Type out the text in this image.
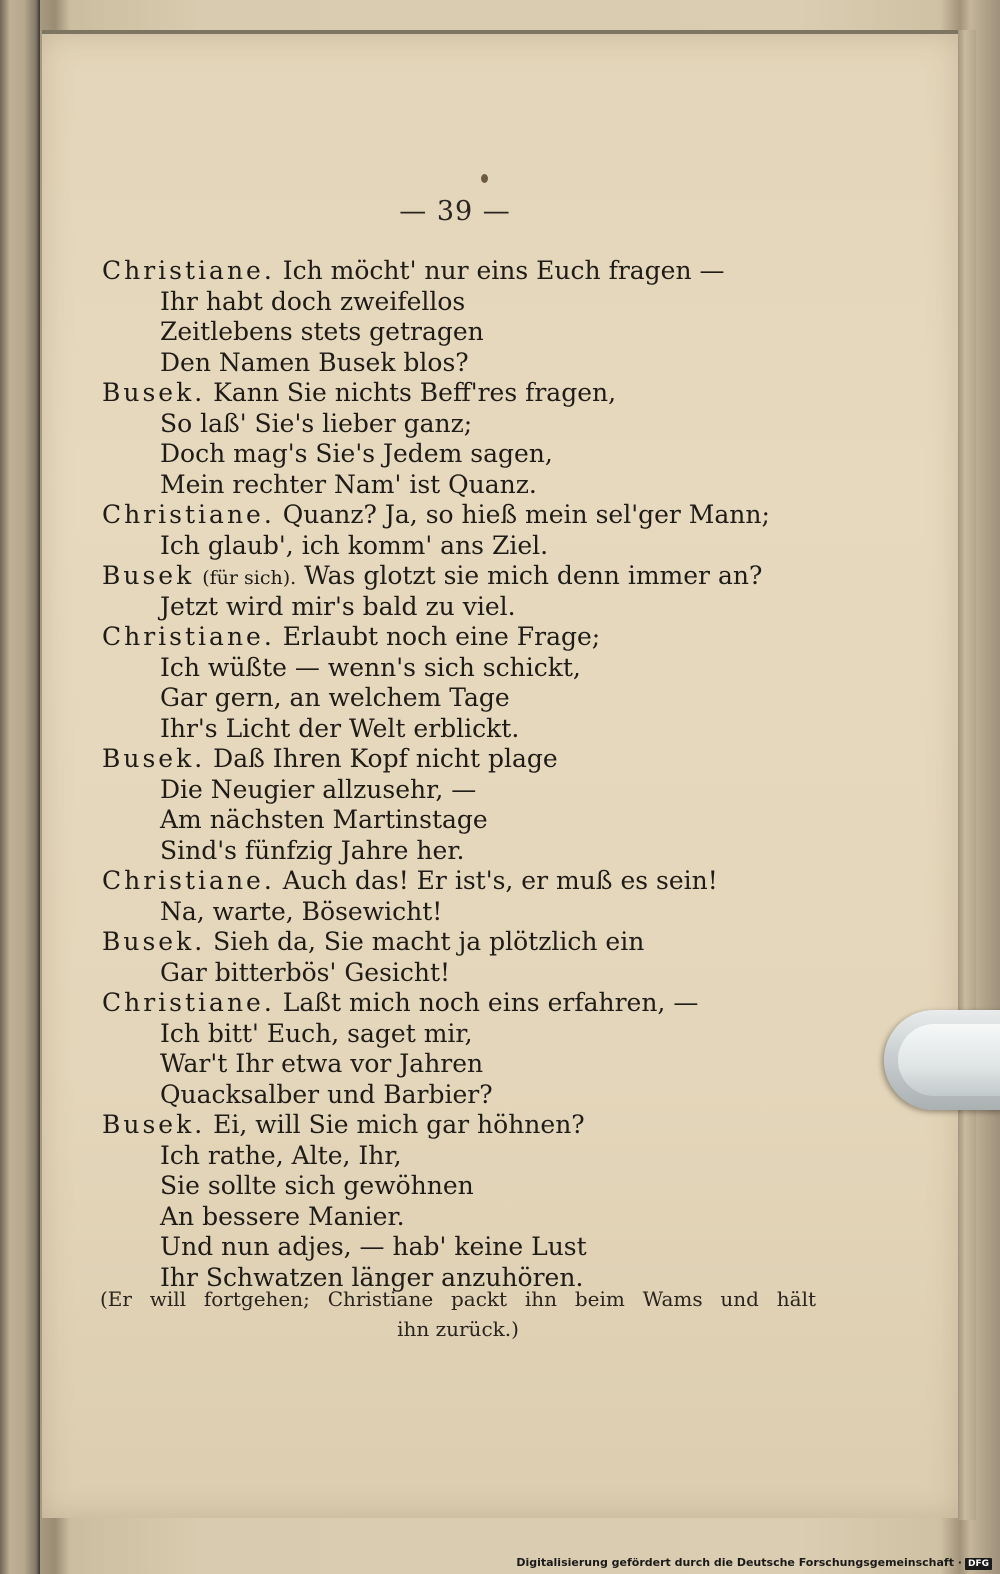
— 39 —
Christiane. Ich möcht' nur eins Euch fragen —
Ihr habt doch zweifellos
Zeitlebens stets getragen
Den Namen Busek blos?
Busek. Kann Sie nichts Beff'res fragen,
So laß' Sie's lieber ganz;
Doch mag's Sie's Jedem sagen,
Mein rechter Nam' ist Quanz.
Christiane. Quanz? Ja, so hieß mein sel'ger Mann;
Ich glaub', ich komm' ans Ziel.
Busek (für sich). Was glotzt sie mich denn immer an?
Jetzt wird mir's bald zu viel.
Christiane. Erlaubt noch eine Frage;
Ich wüßte — wenn's sich schickt,
Gar gern, an welchem Tage
Ihr's Licht der Welt erblickt.
Busek. Daß Ihren Kopf nicht plage
Die Neugier allzusehr, —
Am nächsten Martinstage
Sind's fünfzig Jahre her.
Christiane. Auch das! Er ist's, er muß es sein!
Na, warte, Bösewicht!
Busek. Sieh da, Sie macht ja plötzlich ein
Gar bitterbös' Gesicht!
Christiane. Laßt mich noch eins erfahren, —
Ich bitt' Euch, saget mir,
War't Ihr etwa vor Jahren
Quacksalber und Barbier?
Busek. Ei, will Sie mich gar höhnen?
Ich rathe, Alte, Ihr,
Sie sollte sich gewöhnen
An bessere Manier.
Und nun adjes, — hab' keine Lust
Ihr Schwatzen länger anzuhören.
(Er will fortgehen; Christiane packt ihn beim Wams und hält
ihn zurück.)
Digitalisierung gefördert durch die Deutsche Forschungsgemeinschaft · DFG
